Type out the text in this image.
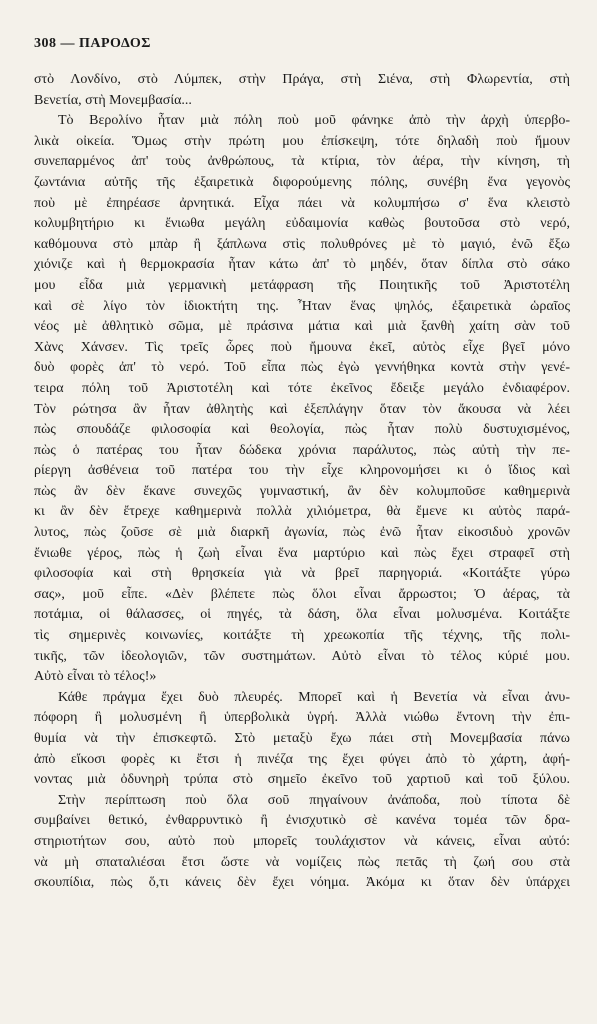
308 — ΠΑΡΟΔΟΣ
στὸ Λονδίνο, στὸ Λύμπεκ, στὴν Πράγα, στὴ Σιένα, στὴ Φλωρεντία, στὴ
Βενετία, στὴ Μονεμβασία...
Τὸ Βερολίνο ἦταν μιὰ πόλη ποὺ μοῦ φάνηκε ἀπὸ τὴν ἀρχὴ ὑπερβο-
λικὰ οἰκεία. Ὅμως στὴν πρώτη μου ἐπίσκεψη, τότε δηλαδὴ ποὺ ἤμουν
συνεπαρμένος ἀπ' τοὺς ἀνθρώπους, τὰ κτίρια, τὸν ἀέρα, τὴν κίνηση, τὴ
ζωντάνια αὐτῆς τῆς ἐξαιρετικὰ διφορούμενης πόλης, συνέβη ἕνα γεγονὸς
ποὺ μὲ ἐπηρέασε ἀρνητικά. Εἶχα πάει νὰ κολυμπήσω σ' ἕνα κλειστὸ
κολυμβητήριο κι ἔνιωθα μεγάλη εὐδαιμονία καθὼς βουτοῦσα στὸ νερό,
καθόμουνα στὸ μπὰρ ἢ ξάπλωνα στὶς πολυθρόνες μὲ τὸ μαγιό, ἐνῶ ἔξω
χιόνιζε καὶ ἡ θερμοκρασία ἦταν κάτω ἀπ' τὸ μηδέν, ὅταν δίπλα στὸ σάκο
μου εἶδα μιὰ γερμανικὴ μετάφραση τῆς Ποιητικῆς τοῦ Ἀριστοτέλη
καὶ σὲ λίγο τὸν ἰδιοκτήτη της. Ἦταν ἕνας ψηλός, ἐξαιρετικὰ ὡραῖος
νέος μὲ ἀθλητικὸ σῶμα, μὲ πράσινα μάτια καὶ μιὰ ξανθὴ χαίτη σὰν τοῦ
Χὰνς Χάνσεν. Τὶς τρεῖς ὧρες ποὺ ἤμουνα ἐκεῖ, αὐτὸς εἶχε βγεῖ μόνο
δυὸ φορὲς ἀπ' τὸ νερό. Τοῦ εἶπα πὼς ἐγὼ γεννήθηκα κοντὰ στὴν γενέ-
τειρα πόλη τοῦ Ἀριστοτέλη καὶ τότε ἐκεῖνος ἔδειξε μεγάλο ἐνδιαφέρον.
Τὸν ρώτησα ἂν ἦταν ἀθλητὴς καὶ ἐξεπλάγην ὅταν τὸν ἄκουσα νὰ λέει
πὼς σπουδάζε φιλοσοφία καὶ θεολογία, πὼς ἦταν πολὺ δυστυχισμένος,
πὼς ὁ πατέρας του ἦταν δώδεκα χρόνια παράλυτος, πὼς αὐτὴ τὴν πε-
ρίεργη ἀσθένεια τοῦ πατέρα του τὴν εἶχε κληρονομήσει κι ὁ ἴδιος καὶ
πὼς ἂν δὲν ἔκανε συνεχῶς γυμναστική, ἂν δὲν κολυμποῦσε καθημερινὰ
κι ἂν δὲν ἔτρεχε καθημερινὰ πολλὰ χιλιόμετρα, θὰ ἔμενε κι αὐτὸς παρά-
λυτος, πὼς ζοῦσε σὲ μιὰ διαρκῆ ἀγωνία, πὼς ἐνῶ ἦταν εἰκοσιδυὸ χρονῶν
ἔνιωθε γέρος, πὼς ἡ ζωὴ εἶναι ἕνα μαρτύριο καὶ πὼς ἔχει στραφεῖ στὴ
φιλοσοφία καὶ στὴ θρησκεία γιὰ νὰ βρεῖ παρηγοριά. «Κοιτάξτε γύρω
σας», μοῦ εἶπε. «Δὲν βλέπετε πὼς ὅλοι εἶναι ἄρρωστοι; Ὁ ἀέρας, τὰ
ποτάμια, οἱ θάλασσες, οἱ πηγές, τὰ δάση, ὅλα εἶναι μολυσμένα. Κοιτάξτε
τὶς σημερινὲς κοινωνίες, κοιτάξτε τὴ χρεωκοπία τῆς τέχνης, τῆς πολι-
τικῆς, τῶν ἰδεολογιῶν, τῶν συστημάτων. Αὐτὸ εἶναι τὸ τέλος κύριέ μου.
Αὐτὸ εἶναι τὸ τέλος!»
Κάθε πράγμα ἔχει δυὸ πλευρές. Μπορεῖ καὶ ἡ Βενετία νὰ εἶναι ἀνυ-
πόφορη ἢ μολυσμένη ἢ ὑπερβολικὰ ὑγρή. Ἀλλὰ νιώθω ἔντονη τὴν ἐπι-
θυμία νὰ τὴν ἐπισκεφτῶ. Στὸ μεταξὺ ἔχω πάει στὴ Μονεμβασία πάνω
ἀπὸ εἴκοσι φορὲς κι ἔτσι ἡ πινέζα της ἔχει φύγει ἀπὸ τὸ χάρτη, ἀφή-
νοντας μιὰ ὀδυνηρὴ τρύπα στὸ σημεῖο ἐκεῖνο τοῦ χαρτιοῦ καὶ τοῦ ξύλου.
Στὴν περίπτωση ποὺ ὅλα σοῦ πηγαίνουν ἀνάποδα, ποὺ τίποτα δὲ
συμβαίνει θετικό, ἐνθαρρυντικὸ ἢ ἐνισχυτικὸ σὲ κανένα τομέα τῶν δρα-
στηριοτήτων σου, αὐτὸ ποὺ μπορεῖς τουλάχιστον νὰ κάνεις, εἶναι αὐτό:
νὰ μὴ σπαταλιέσαι ἔτσι ὥστε νὰ νομίζεις πὼς πετᾶς τὴ ζωή σου στὰ
σκουπίδια, πὼς ὅ,τι κάνεις δὲν ἔχει νόημα. Ἀκόμα κι ὅταν δὲν ὑπάρχει
